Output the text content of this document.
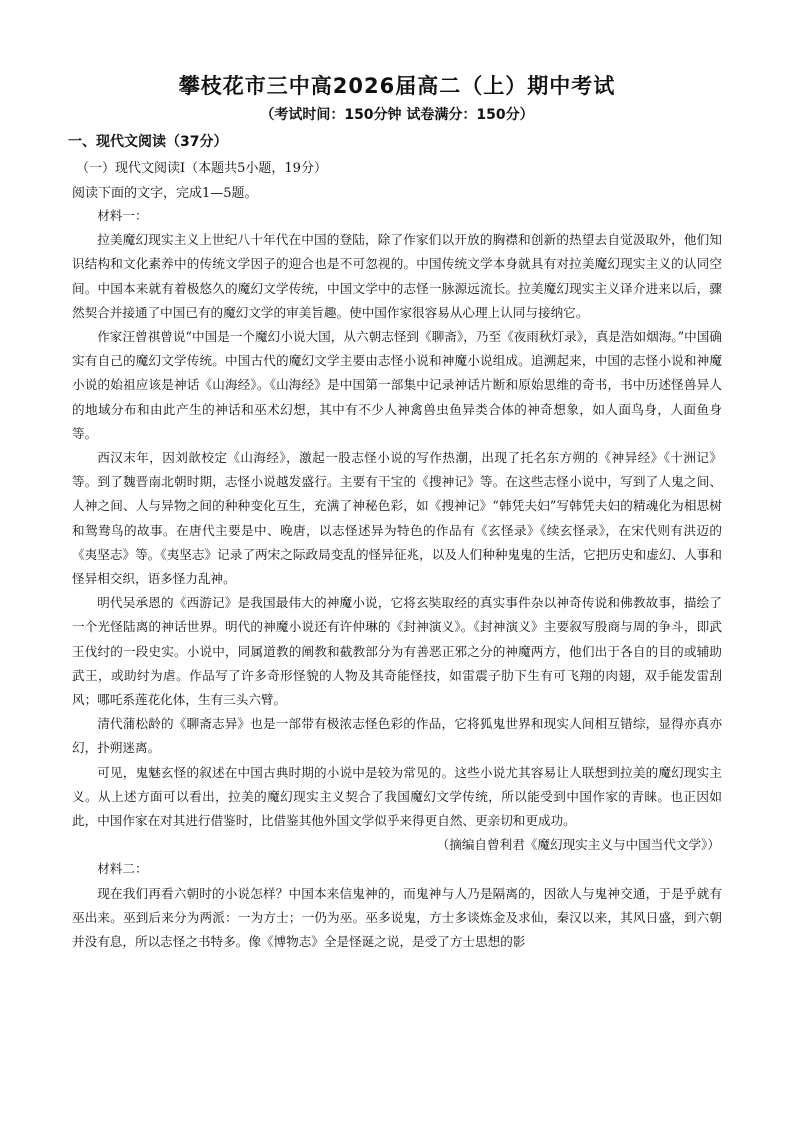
攀枝花市三中高2026届高二（上）期中考试
（考试时间：150分钟 试卷满分：150分）
一、现代文阅读（37分）
（一）现代文阅读Ⅰ（本题共5小题，19分）
阅读下面的文字，完成1—5题。

材料一：

拉美魔幻现实主义上世纪八十年代在中国的登陆，除了作家们以开放的胸襟和创新的热望去自觉汲取外，他们知识结构和文化素养中的传统文学因子的迎合也是不可忽视的。中国传统文学本身就具有对拉美魔幻现实主义的认同空间。中国本来就有着极悠久的魔幻文学传统，中国文学中的志怪一脉源远流长。拉美魔幻现实主义译介进来以后，骤然契合并接通了中国已有的魔幻文学的审美旨趣。使中国作家很容易从心理上认同与接纳它。

作家汪曾祺曾说“中国是一个魔幻小说大国，从六朝志怪到《聊斋》，乃至《夜雨秋灯录》，真是浩如烟海。”中国确实有自己的魔幻文学传统。中国古代的魔幻文学主要由志怪小说和神魔小说组成。追溯起来，中国的志怪小说和神魔小说的始祖应该是神话《山海经》。《山海经》是中国第一部集中记录神话片断和原始思维的奇书，书中历述怪兽异人的地域分布和由此产生的神话和巫术幻想，其中有不少人神禽兽虫鱼异类合体的神奇想象，如人面鸟身，人面鱼身等。

西汉末年，因刘歆校定《山海经》，激起一股志怪小说的写作热潮，出现了托名东方朔的《神异经》《十洲记》等。到了魏晋南北朝时期，志怪小说越发盛行。主要有干宝的《搜神记》等。在这些志怪小说中，写到了人鬼之间、人神之间、人与异物之间的种种变化互生，充满了神秘色彩，如《搜神记》“韩凭夫妇”写韩凭夫妇的精魂化为相思树和鸳鸯鸟的故事。在唐代主要是中、晚唐，以志怪述异为特色的作品有《玄怪录》《续玄怪录》，在宋代则有洪迈的《夷坚志》等。《夷坚志》记录了两宋之际政局变乱的怪异征兆，以及人们种种鬼鬼的生活，它把历史和虚幻、人事和怪异相交织，语多怪力乱神。

明代吴承恩的《西游记》是我国最伟大的神魔小说，它将玄奘取经的真实事件杂以神奇传说和佛教故事，描绘了一个光怪陆离的神话世界。明代的神魔小说还有许仲琳的《封神演义》。《封神演义》主要叙写殷商与周的争斗，即武王伐纣的一段史实。小说中，同属道教的阐教和截教部分为有善恶正邪之分的神魔两方，他们出于各自的目的或辅助武王，或助纣为虐。作品写了许多奇形怪貌的人物及其奇能怪技，如雷震子肋下生有可飞翔的肉翅，双手能发雷刮风；哪吒系莲花化体，生有三头六臂。

清代蒲松龄的《聊斋志异》也是一部带有极浓志怪色彩的作品，它将狐鬼世界和现实人间相互错综，显得亦真亦幻，扑朔迷离。

可见，鬼魅玄怪的叙述在中国古典时期的小说中是较为常见的。这些小说尤其容易让人联想到拉美的魔幻现实主义。从上述方面可以看出，拉美的魔幻现实主义契合了我国魔幻文学传统，所以能受到中国作家的青睐。也正因如此，中国作家在对其进行借鉴时，比借鉴其他外国文学似乎来得更自然、更亲切和更成功。

（摘编自曾利君《魔幻现实主义与中国当代文学》）

材料二：

现在我们再看六朝时的小说怎样？中国本来信鬼神的，而鬼神与人乃是隔离的，因欲人与鬼神交通，于是乎就有巫出来。巫到后来分为两派：一为方士；一仍为巫。巫多说鬼，方士多谈炼金及求仙，秦汉以来，其风日盛，到六朝并没有息，所以志怪之书特多。像《博物志》全是怪诞之说，是受了方士思想的影
